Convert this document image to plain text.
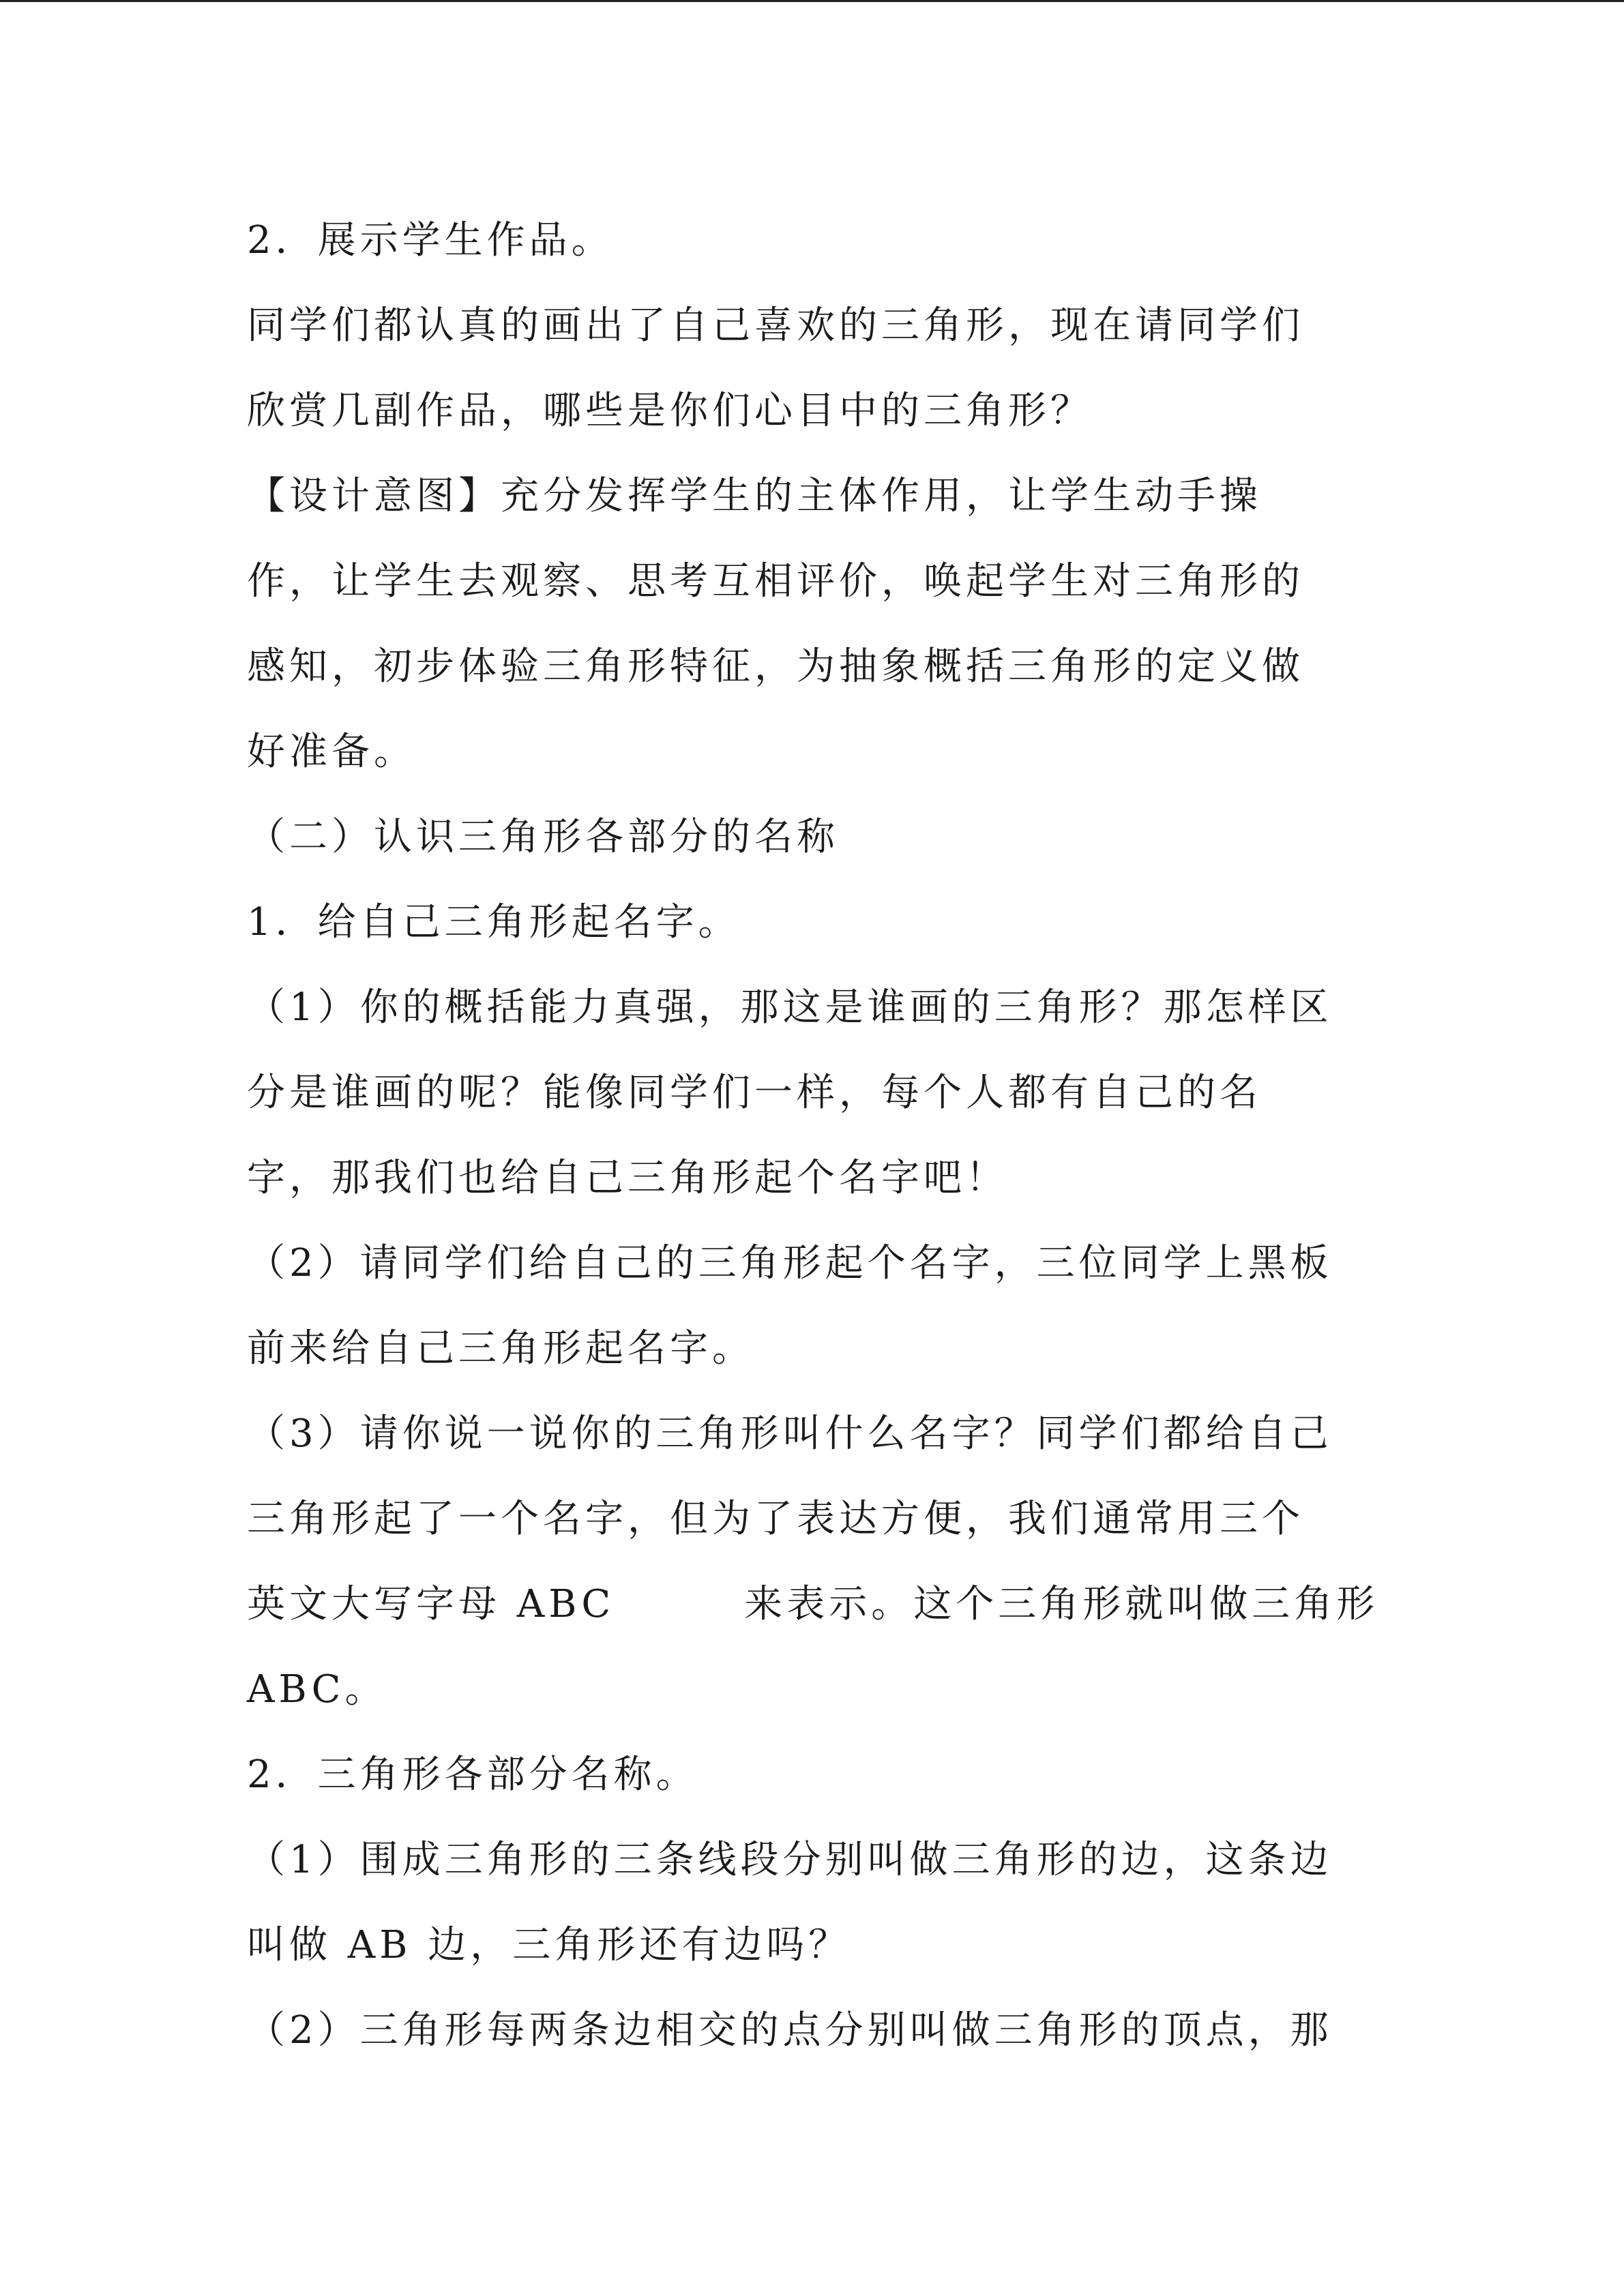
2．展示学生作品。
同学们都认真的画出了自己喜欢的三角形，现在请同学们
欣赏几副作品，哪些是你们心目中的三角形？
【设计意图】充分发挥学生的主体作用，让学生动手操
作，让学生去观察、思考互相评价，唤起学生对三角形的
感知，初步体验三角形特征，为抽象概括三角形的定义做
好准备。
（二）认识三角形各部分的名称
1．给自己三角形起名字。
（1）你的概括能力真强，那这是谁画的三角形？那怎样区
分是谁画的呢？能像同学们一样，每个人都有自己的名
字，那我们也给自己三角形起个名字吧！
（2）请同学们给自己的三角形起个名字，三位同学上黑板
前来给自己三角形起名字。
（3）请你说一说你的三角形叫什么名字？同学们都给自己
三角形起了一个名字，但为了表达方便，我们通常用三个
英文大写字母 ABC	来表示。这个三角形就叫做三角形
ABC。
2．三角形各部分名称。
（1）围成三角形的三条线段分别叫做三角形的边，这条边
叫做 AB 边，三角形还有边吗？
（2）三角形每两条边相交的点分别叫做三角形的顶点，那
